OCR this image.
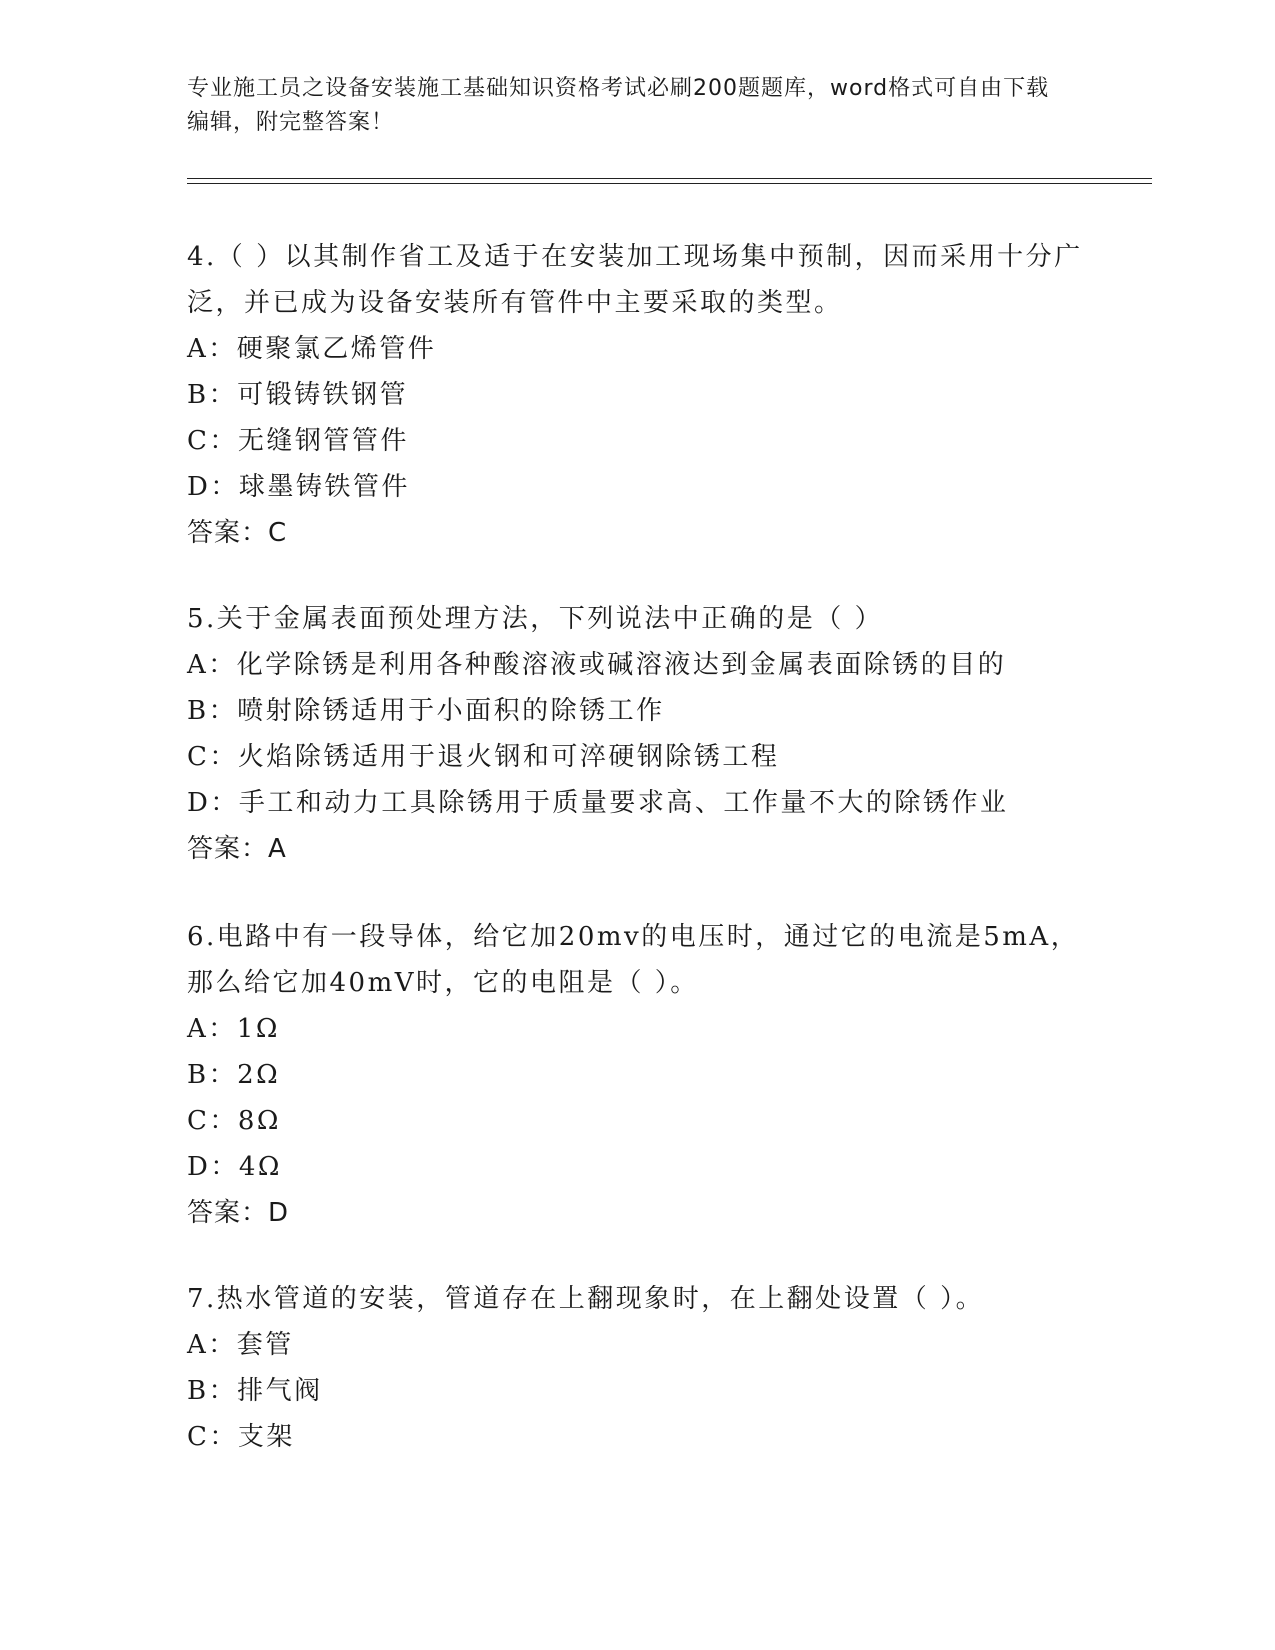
专业施工员之设备安装施工基础知识资格考试必刷200题题库，word格式可自由下载编辑，附完整答案！

4.（ ）以其制作省工及适于在安装加工现场集中预制，因而采用十分广泛，并已成为设备安装所有管件中主要采取的类型。

A：硬聚氯乙烯管件

B：可锻铸铁钢管

C：无缝钢管管件

D：球墨铸铁管件

答案：C

5.关于金属表面预处理方法，下列说法中正确的是（ ）

A：化学除锈是利用各种酸溶液或碱溶液达到金属表面除锈的目的

B：喷射除锈适用于小面积的除锈工作

C：火焰除锈适用于退火钢和可淬硬钢除锈工程

D：手工和动力工具除锈用于质量要求高、工作量不大的除锈作业

答案：A

6.电路中有一段导体，给它加20mv的电压时，通过它的电流是5mA，那么给它加40mV时，它的电阻是（ ）。

A：1Ω

B：2Ω

C：8Ω

D：4Ω

答案：D

7.热水管道的安装，管道存在上翻现象时，在上翻处设置（ ）。

A：套管

B：排气阀

C：支架
